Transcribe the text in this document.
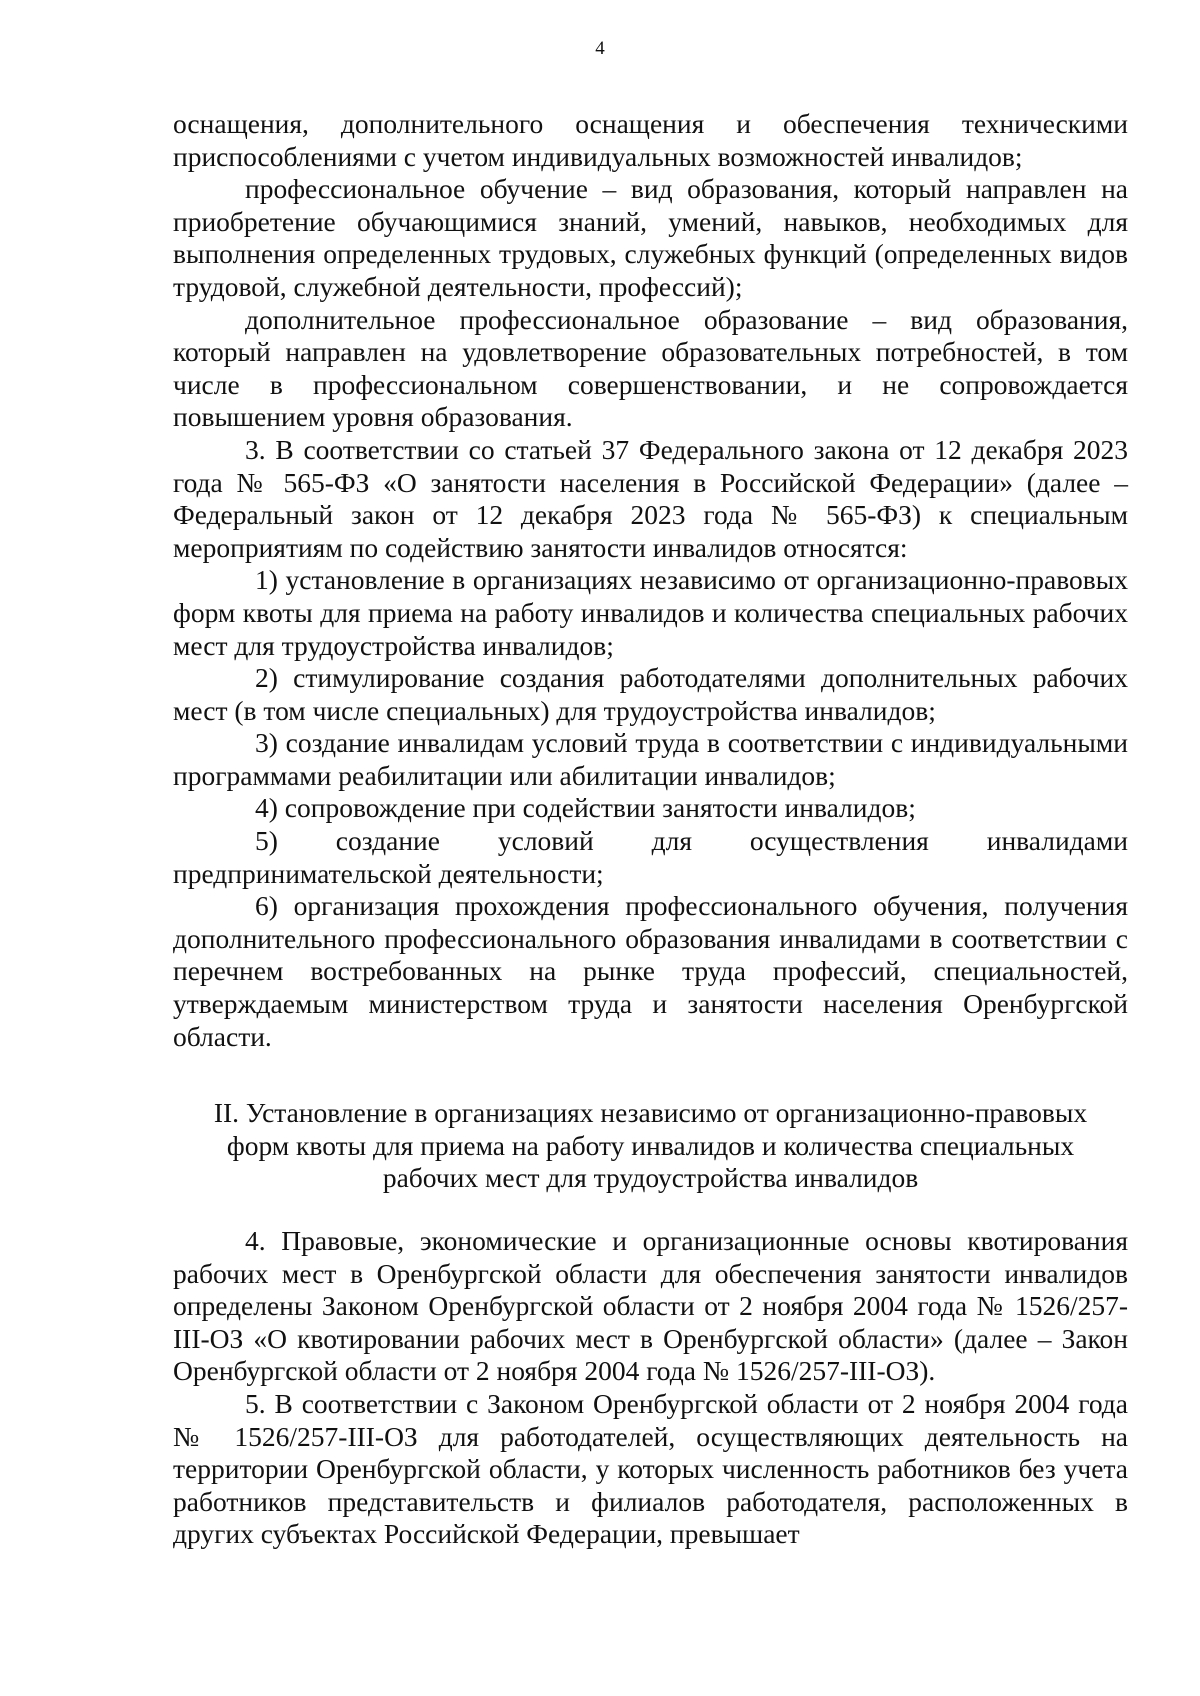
4

оснащения, дополнительного оснащения и обеспечения техническими приспособлениями с учетом индивидуальных возможностей инвалидов;

профессиональное обучение – вид образования, который направлен на приобретение обучающимися знаний, умений, навыков, необходимых для выполнения определенных трудовых, служебных функций (определенных видов трудовой, служебной деятельности, профессий);

дополнительное профессиональное образование – вид образования, который направлен на удовлетворение образовательных потребностей, в том числе в профессиональном совершенствовании, и не сопровождается повышением уровня образования.

3. В соответствии со статьей 37 Федерального закона от 12 декабря 2023 года № 565-ФЗ «О занятости населения в Российской Федерации» (далее – Федеральный закон от 12 декабря 2023 года № 565-ФЗ) к специальным мероприятиям по содействию занятости инвалидов относятся:

1) установление в организациях независимо от организационно-правовых форм квоты для приема на работу инвалидов и количества специальных рабочих мест для трудоустройства инвалидов;

2) стимулирование создания работодателями дополнительных рабочих мест (в том числе специальных) для трудоустройства инвалидов;

3) создание инвалидам условий труда в соответствии с индивидуальными программами реабилитации или абилитации инвалидов;

4) сопровождение при содействии занятости инвалидов;

5) создание условий для осуществления инвалидами предпринимательской деятельности;

6) организация прохождения профессионального обучения, получения дополнительного профессионального образования инвалидами в соответствии с перечнем востребованных на рынке труда профессий, специальностей, утверждаемым министерством труда и занятости населения Оренбургской области.

II. Установление в организациях независимо от организационно-правовых
форм квоты для приема на работу инвалидов и количества специальных
рабочих мест для трудоустройства инвалидов

4. Правовые, экономические и организационные основы квотирования рабочих мест в Оренбургской области для обеспечения занятости инвалидов определены Законом Оренбургской области от 2 ноября 2004 года № 1526/257-III-ОЗ «О квотировании рабочих мест в Оренбургской области» (далее – Закон Оренбургской области от 2 ноября 2004 года № 1526/257-III-ОЗ).

5. В соответствии с Законом Оренбургской области от 2 ноября 2004 года № 1526/257-III-ОЗ для работодателей, осуществляющих деятельность на территории Оренбургской области, у которых численность работников без учета работников представительств и филиалов работодателя, расположенных в других субъектах Российской Федерации, превышает
